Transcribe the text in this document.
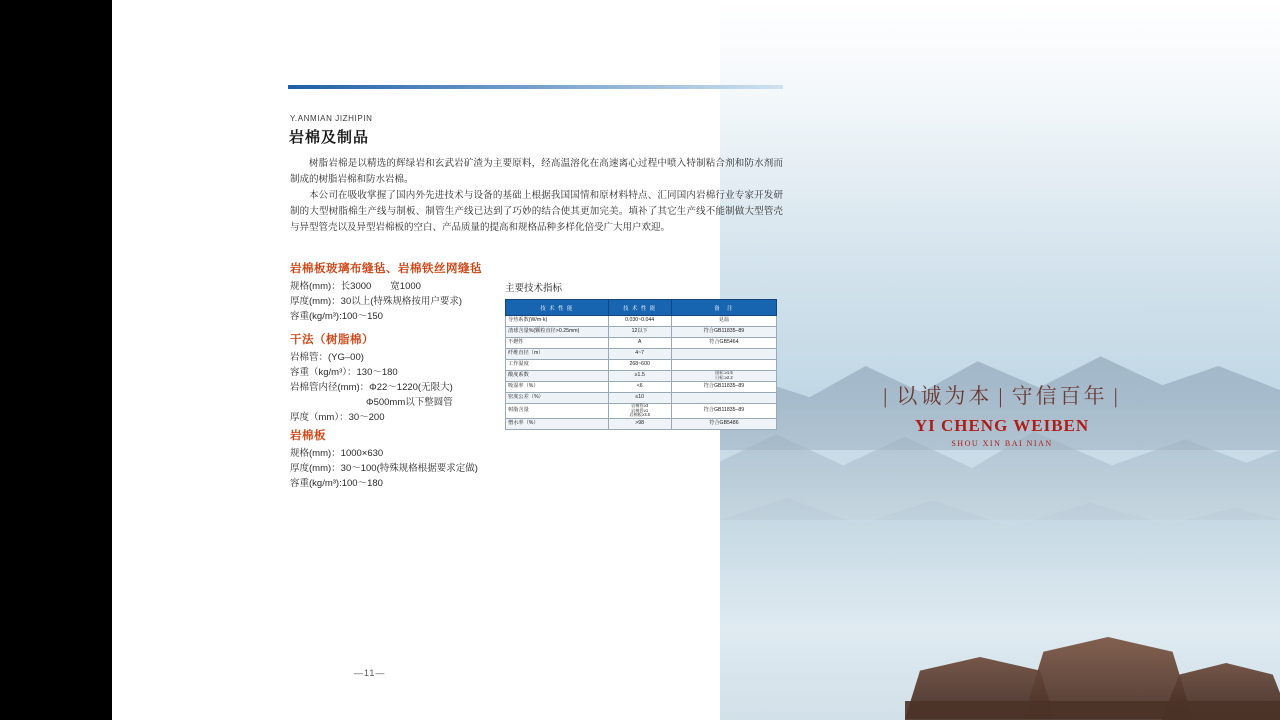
| 以诚为本 | 守信百年 |
YI CHENG WEIBEN
SHOU XIN BAI NIAN
Y.ANMIAN JIZHIPIN
岩棉及制品
树脂岩棉是以精选的辉绿岩和玄武岩矿渣为主要原料，经高温溶化在高速离心过程中喷入特制粘合剂和防水剂而制成的树脂岩棉和防水岩棉。
本公司在吸收掌握了国内外先进技术与设备的基础上根据我国国情和原材料特点、汇同国内岩棉行业专家开发研制的大型树脂棉生产线与制板、制管生产线已达到了巧妙的结合使其更加完美。填补了其它生产线不能制做大型管壳与异型管壳以及异型岩棉板的空白、产品质量的提高和规格品种多样化倍受广大用户欢迎。
岩棉板玻璃布缝毡、岩棉铁丝网缝毡
规格(mm)：长3000　　宽1000
厚度(mm)：30以上(特殊规格按用户要求)
容重(kg/m³):100～150
干法（树脂棉）
岩棉管：(YG–00)
容重（kg/m³）：130～180
岩棉管内径(mm)：Φ22～1220(无限大)
　　　　　　　　Φ500mm以下整圆管
厚度（mm）：30～200
岩棉板
规格(mm)：1000×630
厚度(mm)：30～100(特殊规格根据要求定做)
容重(kg/m³):100～180
—11—
主要技术指标
技 术 性 能	技 术 性 能	备　注
导热系数(W/m·k)	0.030~0.044	見温
渣球含量%(颗粒直径>0.25mm)	12以下	符合GB11835–89
不燃性	A	符合GB5464
纤维直径（m）	4~7	
工作温度	268~600	
酸度系数	≥1.5	国标:≥1.5
日标:≥2.2

吸湿率（%）	<6	符合GB11835–89
密度公差（%）	≤10	
树脂含量	岩棉管≥3
岩棉管≥1
岩棉板≥3.5	符合GB11835–89
憎水率（%）	>98	符合GB5486
